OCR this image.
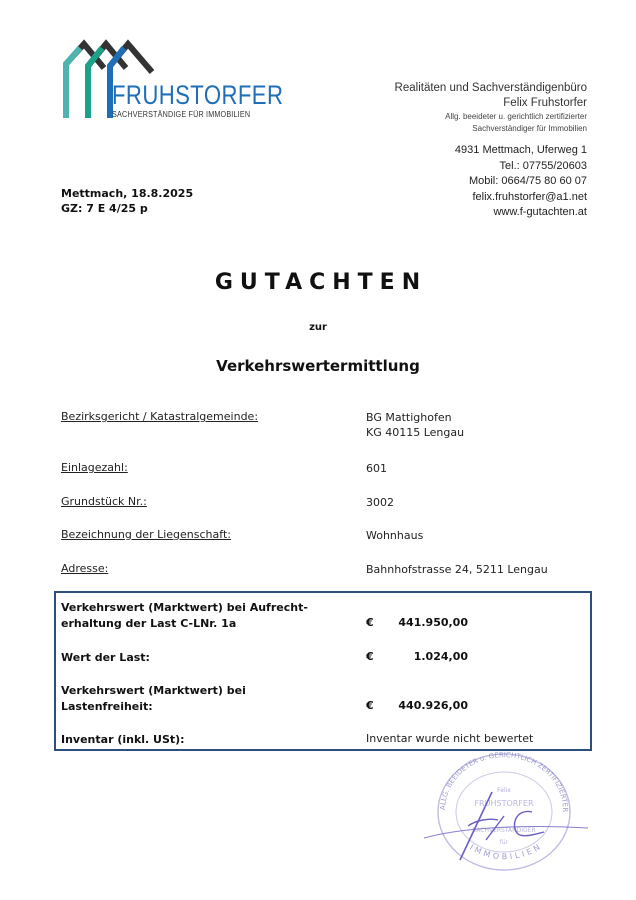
FRUHSTORFER
SACHVERSTÄNDIGE FÜR IMMOBILIEN
Realitäten und Sachverständigenbüro
Felix Fruhstorfer
Allg. beeideter u. gerichtlich zertifizierter
Sachverständiger für Immobilien
4931 Mettmach, Uferweg 1
Tel.: 07755/20603
Mobil: 0664/75 80 60 07
felix.fruhstorfer@a1.net
www.f-gutachten.at
Mettmach, 18.8.2025
GZ: 7 E 4/25 p
GUTACHTEN
zur
Verkehrswertermittlung
Bezirksgericht / Katastralgemeinde:	BG Mattighofen
KG 40115 Lengau
Einlagezahl:	601
Grundstück Nr.:	3002
Bezeichnung der Liegenschaft:	Wohnhaus
Adresse:	Bahnhofstrasse 24, 5211 Lengau
Verkehrswert (Marktwert) bei Aufrecht-
erhaltung der Last C-LNr. 1a	€	441.950,00
Wert der Last:	€	1.024,00
Verkehrswert (Marktwert) bei
Lastenfreiheit:	€	440.926,00
Inventar (inkl. USt):	Inventar wurde nicht bewertet
ALLG. BEEIDETER u. GERICHTLICH ZERTIFIZIERTER
IMMOBILIEN
Felix
FRUHSTORFER
SACHVERSTÄNDIGER
für
